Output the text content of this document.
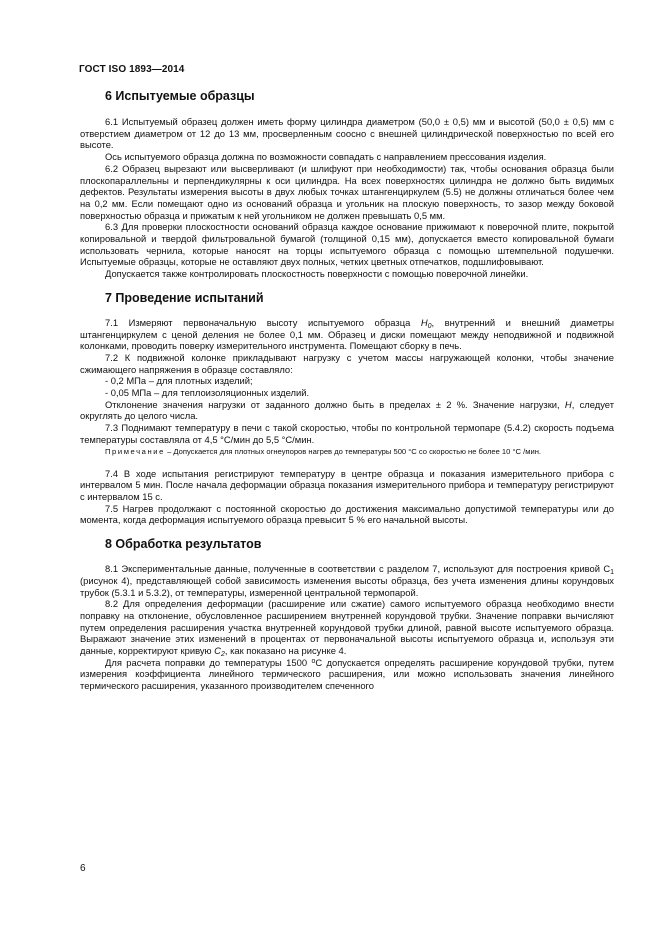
ГОСТ ISO 1893—2014
6 Испытуемые образцы

6.1 Испытуемый образец должен иметь форму цилиндра диаметром (50,0 ± 0,5) мм и высотой (50,0 ± 0,5) мм с отверстием диаметром от 12 до 13 мм, просверленным соосно с внешней цилиндрической поверхностью по всей его высоте.

Ось испытуемого образца должна по возможности совпадать с направлением прессования изделия.

6.2 Образец вырезают или высверливают (и шлифуют при необходимости) так, чтобы основания образца были плоскопараллельны и перпендикулярны к оси цилиндра. На всех поверхностях цилиндра не должно быть видимых дефектов. Результаты измерения высоты в двух любых точках штангенциркулем (5.5) не должны отличаться более чем на 0,2 мм. Если помещают одно из оснований образца и угольник на плоскую поверхность, то зазор между боковой поверхностью образца и прижатым к ней угольником не должен превышать 0,5 мм.

6.3 Для проверки плоскостности оснований образца каждое основание прижимают к поверочной плите, покрытой копировальной и твердой фильтровальной бумагой (толщиной 0,15 мм), допускается вместо копировальной бумаги использовать чернила, которые наносят на торцы испытуемого образца с помощью штемпельной подушечки. Испытуемые образцы, которые не оставляют двух полных, четких цветных отпечатков, подшлифовывают.

Допускается также контролировать плоскостность поверхности с помощью поверочной линейки.

7 Проведение испытаний

7.1 Измеряют первоначальную высоту испытуемого образца $H_0$, внутренний и внешний диаметры штангенциркулем с ценой деления не более 0,1 мм. Образец и диски помещают между неподвижной и подвижной колонками, проводить поверку измерительного инструмента. Помещают сборку в печь.

7.2 К подвижной колонке прикладывают нагрузку с учетом массы нагружающей колонки, чтобы значение сжимающего напряжения в образце составляло:

- 0,2 МПа – для плотных изделий;

- 0,05 МПа – для теплоизоляционных изделий.

Отклонение значения нагрузки от заданного должно быть в пределах ± 2 %. Значение нагрузки, H, следует округлять до целого числа.

7.3 Поднимают температуру в печи с такой скоростью, чтобы по контрольной термопаре (5.4.2) скорость подъема температуры составляла от 4,5 °С/мин до 5,5 °С/мин.

Примечание – Допускается для плотных огнеупоров нагрев до температуры 500 °С со скоростью не более 10 °С /мин.

7.4 В ходе испытания регистрируют температуру в центре образца и показания измерительного прибора с интервалом 5 мин. После начала деформации образца показания измерительного прибора и температуру регистрируют с интервалом 15 с.

7.5 Нагрев продолжают с постоянной скоростью до достижения максимально допустимой температуры или до момента, когда деформация испытуемого образца превысит 5 % его начальной высоты.

8 Обработка результатов

8.1 Экспериментальные данные, полученные в соответствии с разделом 7, используют для построения кривой $С_1$ (рисунок 4), представляющей собой зависимость изменения высоты образца, без учета изменения длины корундовых трубок (5.3.1 и 5.3.2), от температуры, измеренной центральной термопарой.

8.2 Для определения деформации (расширение или сжатие) самого испытуемого образца необходимо внести поправку на отклонение, обусловленное расширением внутренней корундовой трубки. Значение поправки вычисляют путем определения расширения участка внутренней корундовой трубки длиной, равной высоте испытуемого образца. Выражают значение этих изменений в процентах от первоначальной высоты испытуемого образца и, используя эти данные, корректируют кривую $C_2$, как показано на рисунке 4.

Для расчета поправки до температуры 1500 $^о$С допускается определять расширение корундовой трубки, путем измерения коэффициента линейного термического расширения, или можно использовать значения линейного термического расширения, указанного производителем спеченного

6
